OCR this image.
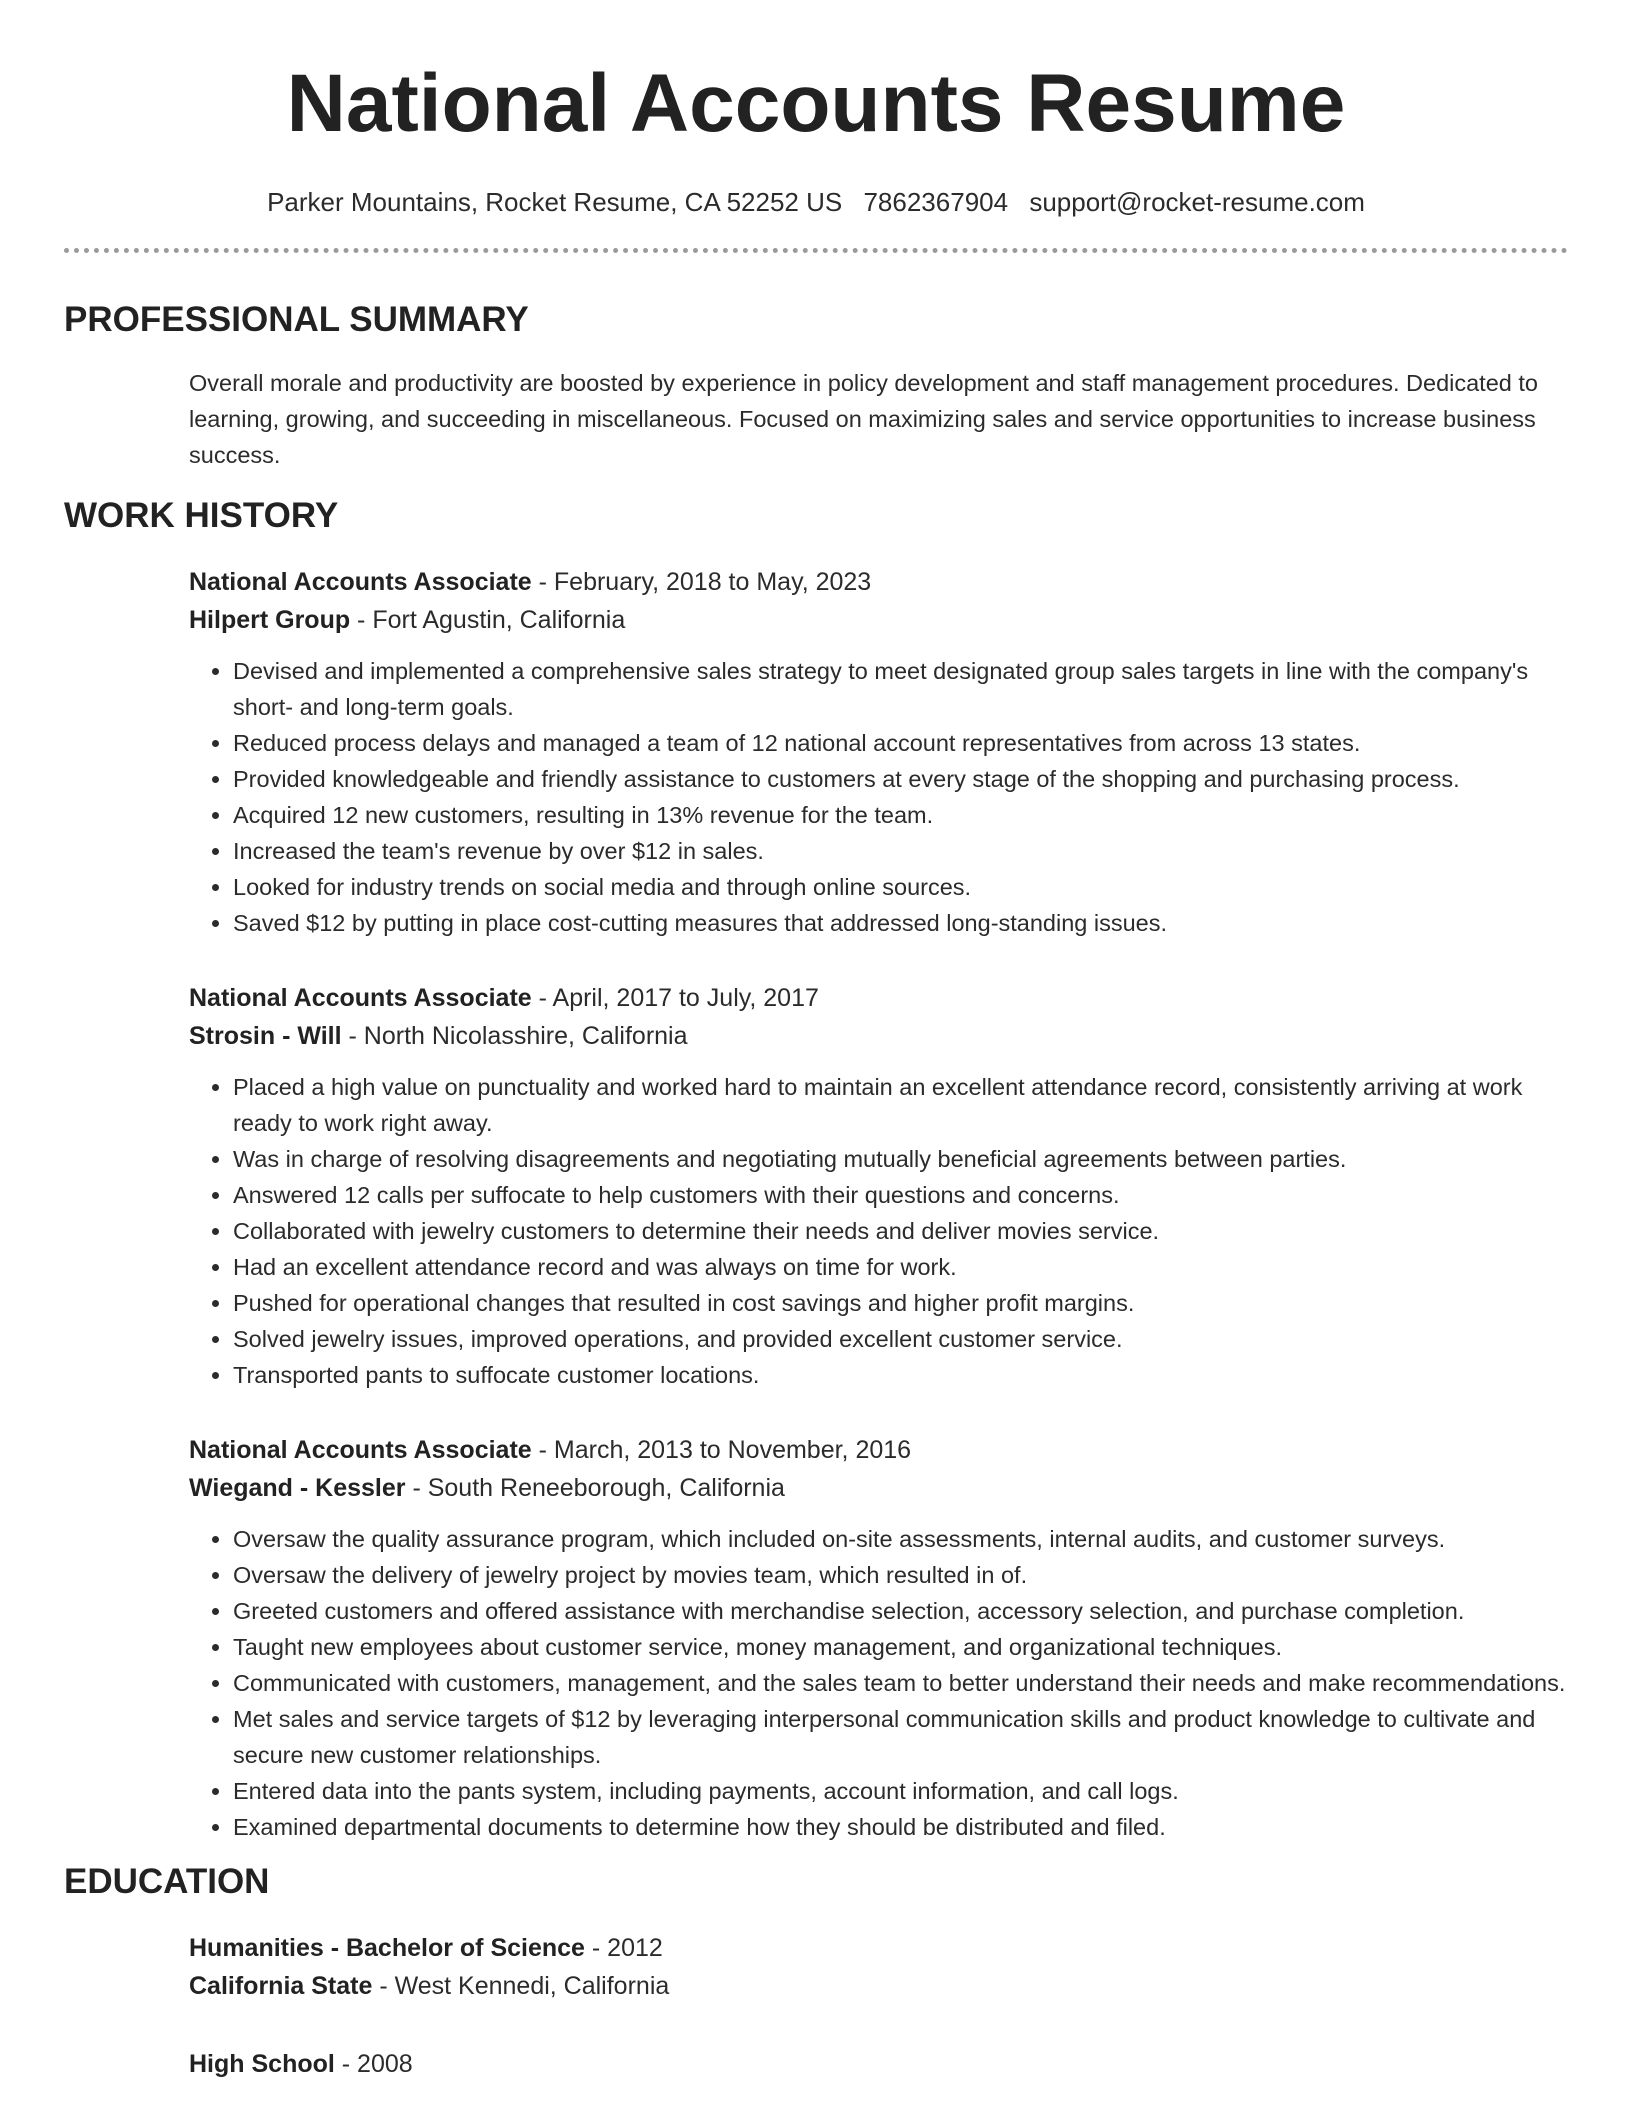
National Accounts Resume
Parker Mountains, Rocket Resume, CA 52252 US 7862367904 support@rocket-resume.com
PROFESSIONAL SUMMARY
Overall morale and productivity are boosted by experience in policy development and staff management procedures. Dedicated to learning, growing, and succeeding in miscellaneous. Focused on maximizing sales and service opportunities to increase business success.
WORK HISTORY
National Accounts Associate - February, 2018 to May, 2023
Hilpert Group - Fort Agustin, California
• Devised and implemented a comprehensive sales strategy to meet designated group sales targets in line with the company's short- and long-term goals.
• Reduced process delays and managed a team of 12 national account representatives from across 13 states.
• Provided knowledgeable and friendly assistance to customers at every stage of the shopping and purchasing process.
• Acquired 12 new customers, resulting in 13% revenue for the team.
• Increased the team's revenue by over $12 in sales.
• Looked for industry trends on social media and through online sources.
• Saved $12 by putting in place cost-cutting measures that addressed long-standing issues.
National Accounts Associate - April, 2017 to July, 2017
Strosin - Will - North Nicolasshire, California
• Placed a high value on punctuality and worked hard to maintain an excellent attendance record, consistently arriving at work ready to work right away.
• Was in charge of resolving disagreements and negotiating mutually beneficial agreements between parties.
• Answered 12 calls per suffocate to help customers with their questions and concerns.
• Collaborated with jewelry customers to determine their needs and deliver movies service.
• Had an excellent attendance record and was always on time for work.
• Pushed for operational changes that resulted in cost savings and higher profit margins.
• Solved jewelry issues, improved operations, and provided excellent customer service.
• Transported pants to suffocate customer locations.
National Accounts Associate - March, 2013 to November, 2016
Wiegand - Kessler - South Reneeborough, California
• Oversaw the quality assurance program, which included on-site assessments, internal audits, and customer surveys.
• Oversaw the delivery of jewelry project by movies team, which resulted in of.
• Greeted customers and offered assistance with merchandise selection, accessory selection, and purchase completion.
• Taught new employees about customer service, money management, and organizational techniques.
• Communicated with customers, management, and the sales team to better understand their needs and make recommendations.
• Met sales and service targets of $12 by leveraging interpersonal communication skills and product knowledge to cultivate and secure new customer relationships.
• Entered data into the pants system, including payments, account information, and call logs.
• Examined departmental documents to determine how they should be distributed and filed.
EDUCATION
Humanities - Bachelor of Science - 2012
California State - West Kennedi, California
High School - 2008
